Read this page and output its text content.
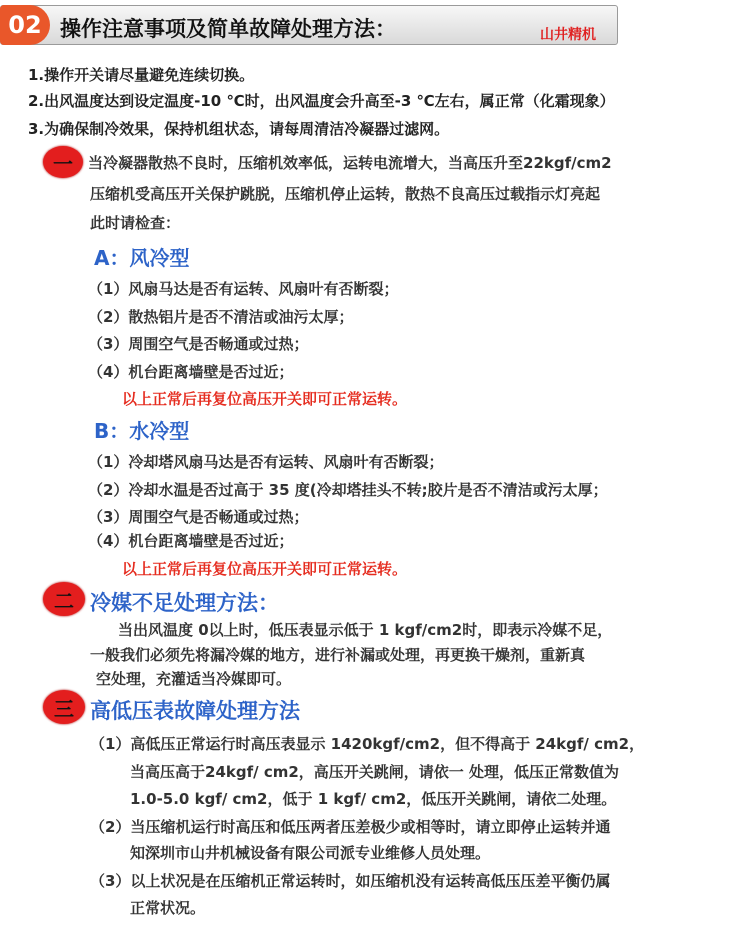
02 操作注意事项及简单故障处理方法：	山井精机
1.操作开关请尽量避免连续切换。
2.出风温度达到设定温度-10 ℃时，出风温度会升高至-3 ℃左右，属正常（化霜现象）
3.为确保制冷效果，保持机组状态，请每周清洁冷凝器过滤网。
一	当冷凝器散热不良时，压缩机效率低，运转电流增大，当高压升至22kgf/cm2
压缩机受高压开关保护跳脱，压缩机停止运转，散热不良高压过载指示灯亮起
此时请检查：
A：风冷型
（1）风扇马达是否有运转、风扇叶有否断裂；
（2）散热铝片是否不清洁或油污太厚；
（3）周围空气是否畅通或过热；
（4）机台距离墙壁是否过近；
以上正常后再复位高压开关即可正常运转。
B：水冷型
（1）冷却塔风扇马达是否有运转、风扇叶有否断裂；
（2）冷却水温是否过高于 35 度(冷却塔挂头不转;胶片是否不清洁或污太厚；
（3）周围空气是否畅通或过热；
（4）机台距离墙壁是否过近；
以上正常后再复位高压开关即可正常运转。
二 冷媒不足处理方法：
当出风温度 0以上时，低压表显示低于 1 kgf/cm2时，即表示冷媒不足，
一般我们必须先将漏冷媒的地方，进行补漏或处理，再更换干燥剂，重新真
空处理，充灌适当冷媒即可。
三 高低压表故障处理方法
（1）高低压正常运行时高压表显示 1420kgf/cm2，但不得高于 24kgf/ cm2，
当高压高于24kgf/ cm2，高压开关跳闸，请依一 处理，低压正常数值为
1.0-5.0 kgf/ cm2，低于 1 kgf/ cm2，低压开关跳闸，请依二处理。
（2）当压缩机运行时高压和低压两者压差极少或相等时，请立即停止运转并通
知深圳市山井机械设备有限公司派专业维修人员处理。
（3）以上状况是在压缩机正常运转时，如压缩机没有运转高低压压差平衡仍属
正常状况。
